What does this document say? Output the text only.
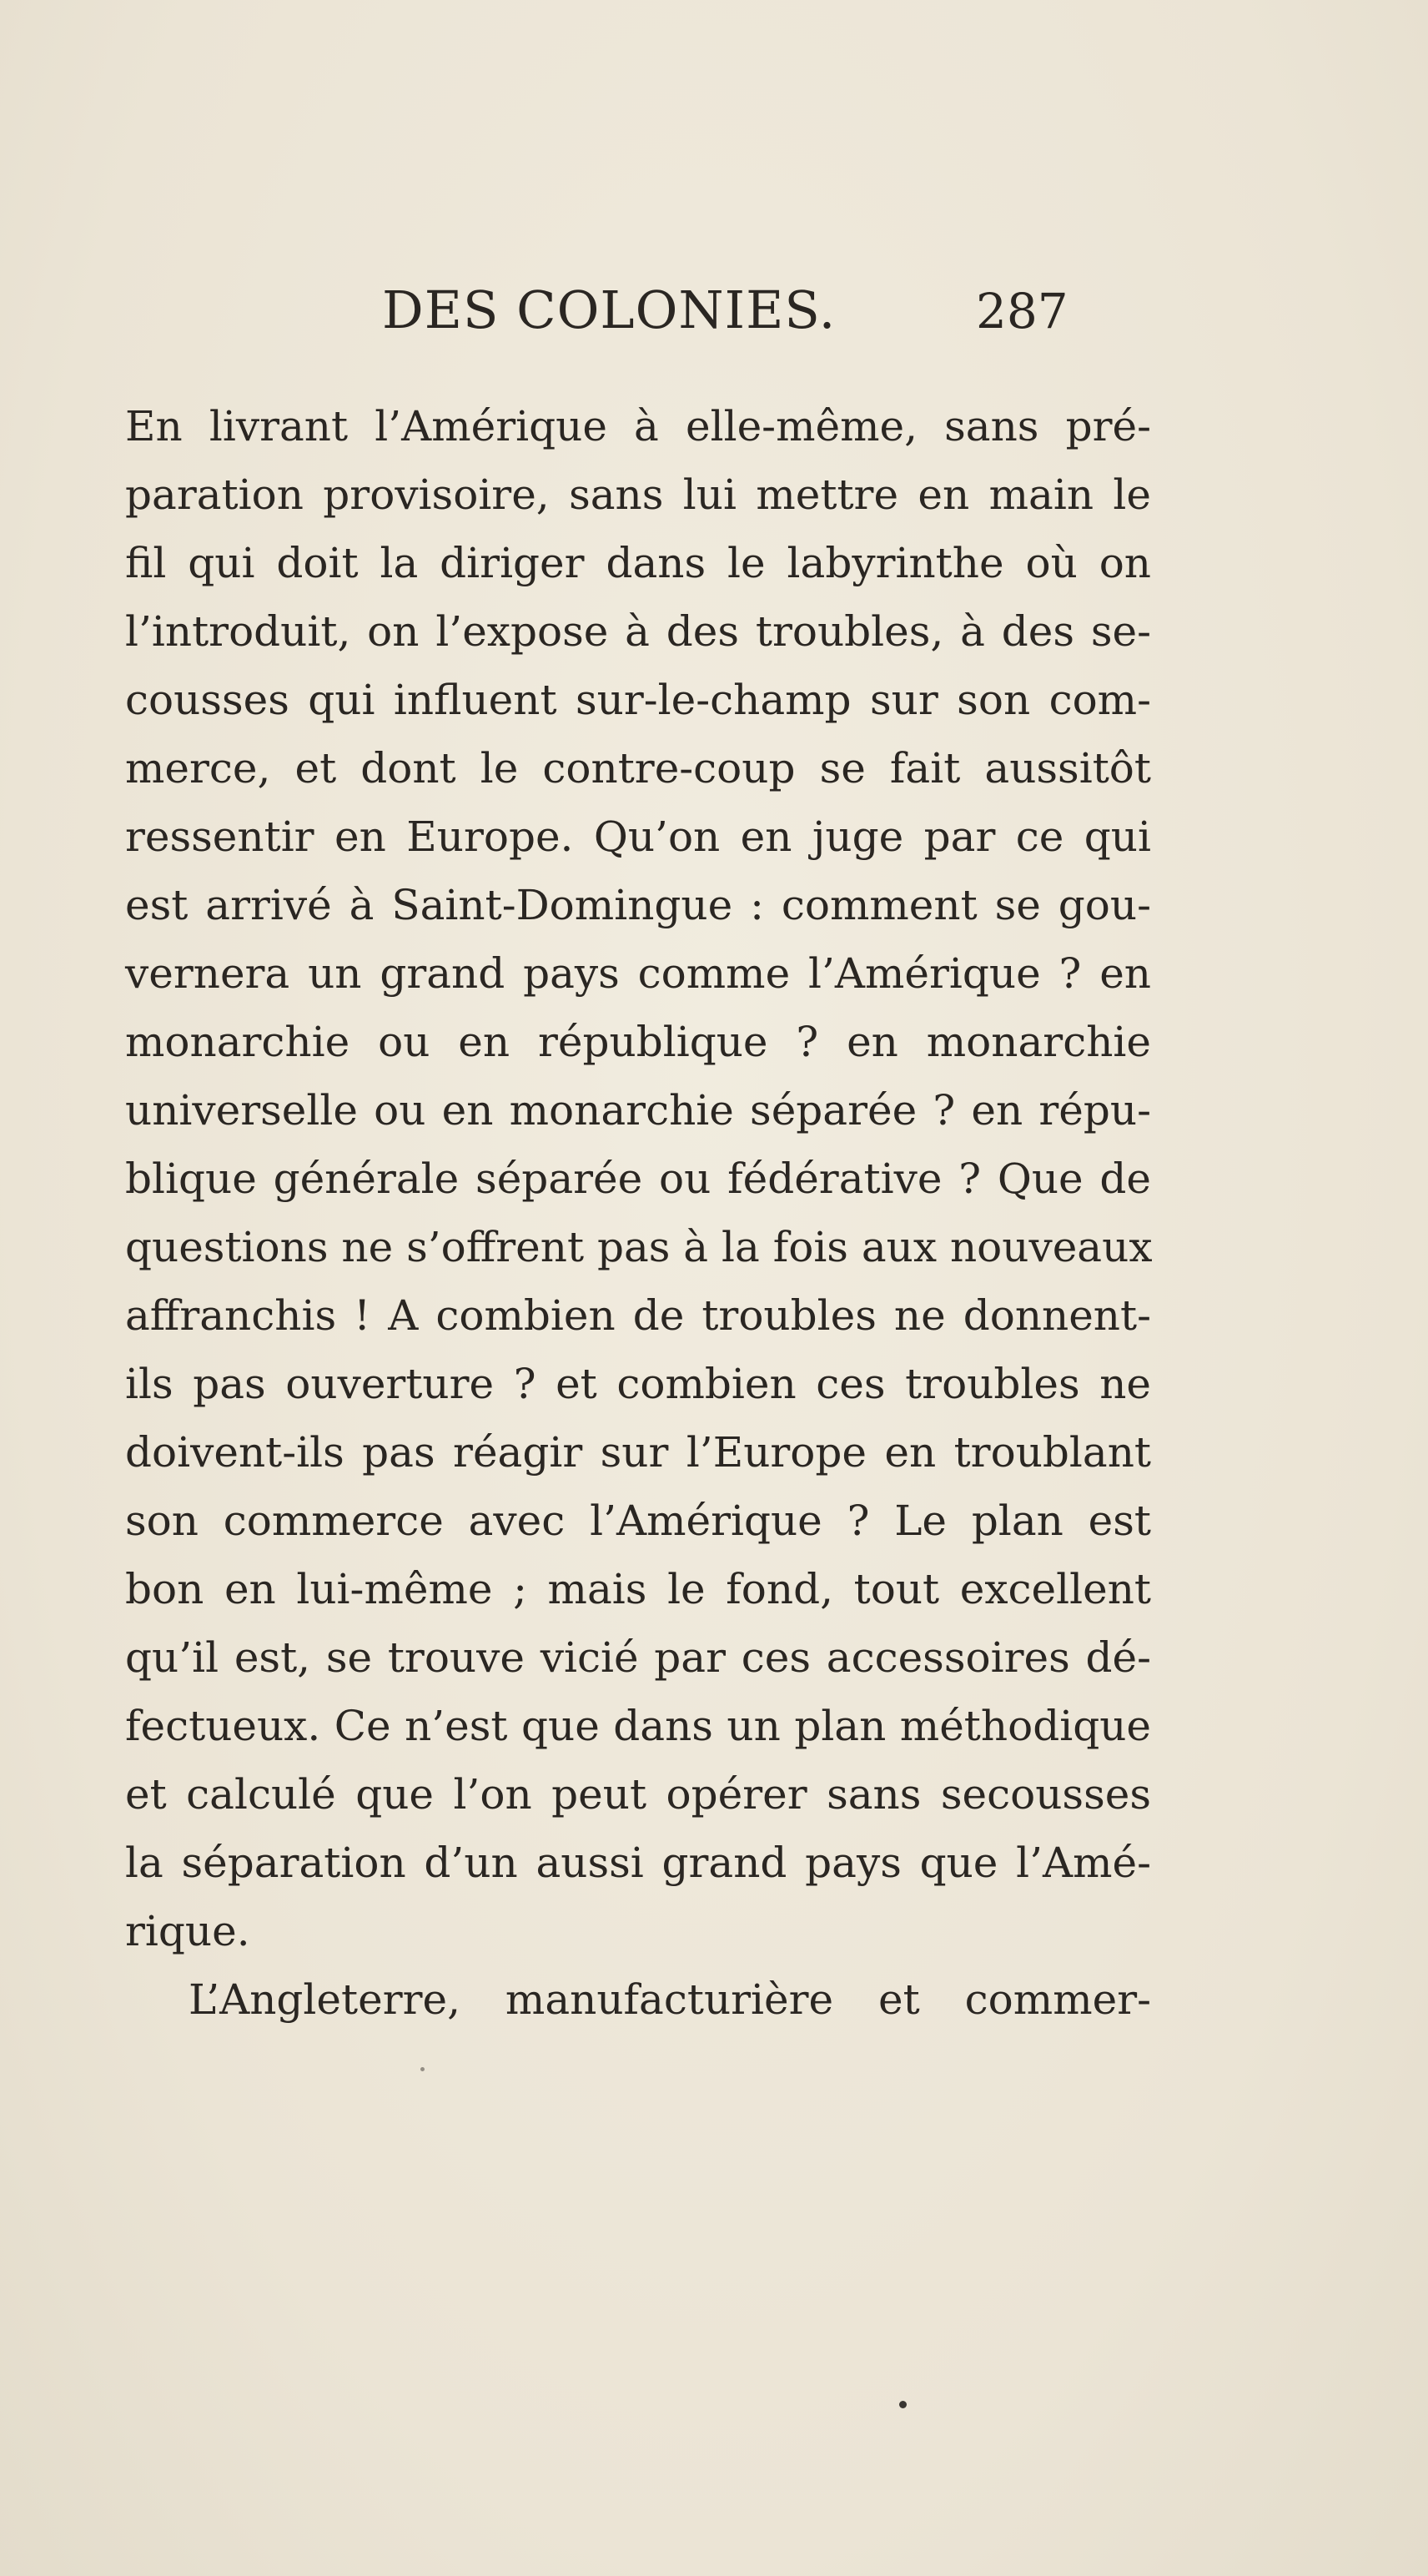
DES COLONIES.	287
En livrant l’Amérique à elle-même, sans pré-
paration provisoire, sans lui mettre en main le
fil qui doit la diriger dans le labyrinthe où on
l’introduit, on l’expose à des troubles, à des se-
cousses qui influent sur-le-champ sur son com-
merce, et dont le contre-coup se fait aussitôt
ressentir en Europe. Qu’on en juge par ce qui
est arrivé à Saint-Domingue : comment se gou-
vernera un grand pays comme l’Amérique ? en
monarchie ou en république ? en monarchie
universelle ou en monarchie séparée ? en répu-
blique générale séparée ou fédérative ? Que de
questions ne s’offrent pas à la fois aux nouveaux
affranchis ! A combien de troubles ne donnent-
ils pas ouverture ? et combien ces troubles ne
doivent-ils pas réagir sur l’Europe en troublant
son commerce avec l’Amérique ? Le plan est
bon en lui-même ; mais le fond, tout excellent
qu’il est, se trouve vicié par ces accessoires dé-
fectueux. Ce n’est que dans un plan méthodique
et calculé que l’on peut opérer sans secousses
la séparation d’un aussi grand pays que l’Amé-
rique.
L’Angleterre, manufacturière et commer-
